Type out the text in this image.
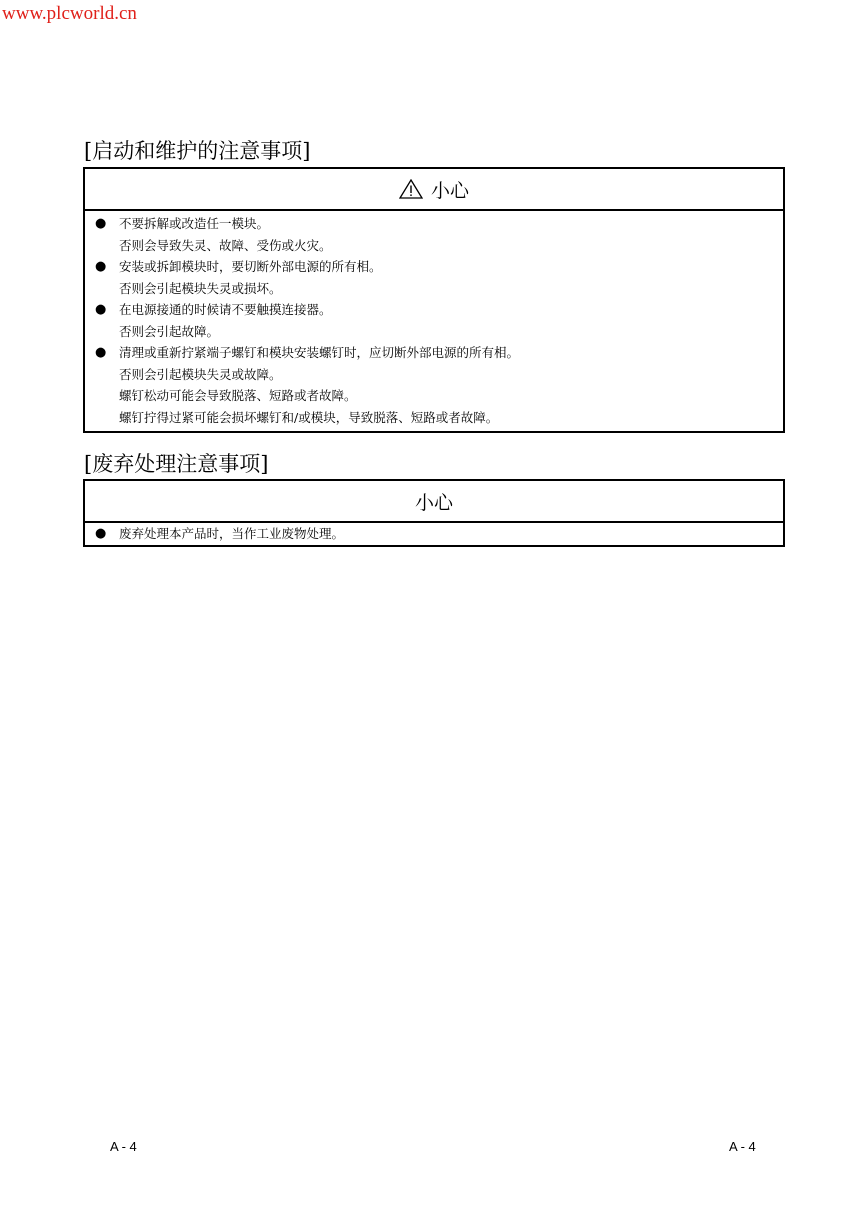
www.plcworld.cn
[启动和维护的注意事项]
小心
● 不要拆解或改造任一模块。
否则会导致失灵、故障、受伤或火灾。
● 安装或拆卸模块时，要切断外部电源的所有相。
否则会引起模块失灵或损坏。
● 在电源接通的时候请不要触摸连接器。
否则会引起故障。
● 清理或重新拧紧端子螺钉和模块安装螺钉时，应切断外部电源的所有相。
否则会引起模块失灵或故障。
螺钉松动可能会导致脱落、短路或者故障。
螺钉拧得过紧可能会损坏螺钉和/或模块，导致脱落、短路或者故障。
[废弃处理注意事项]
小心
● 废弃处理本产品时，当作工业废物处理。
A - 4	A - 4
